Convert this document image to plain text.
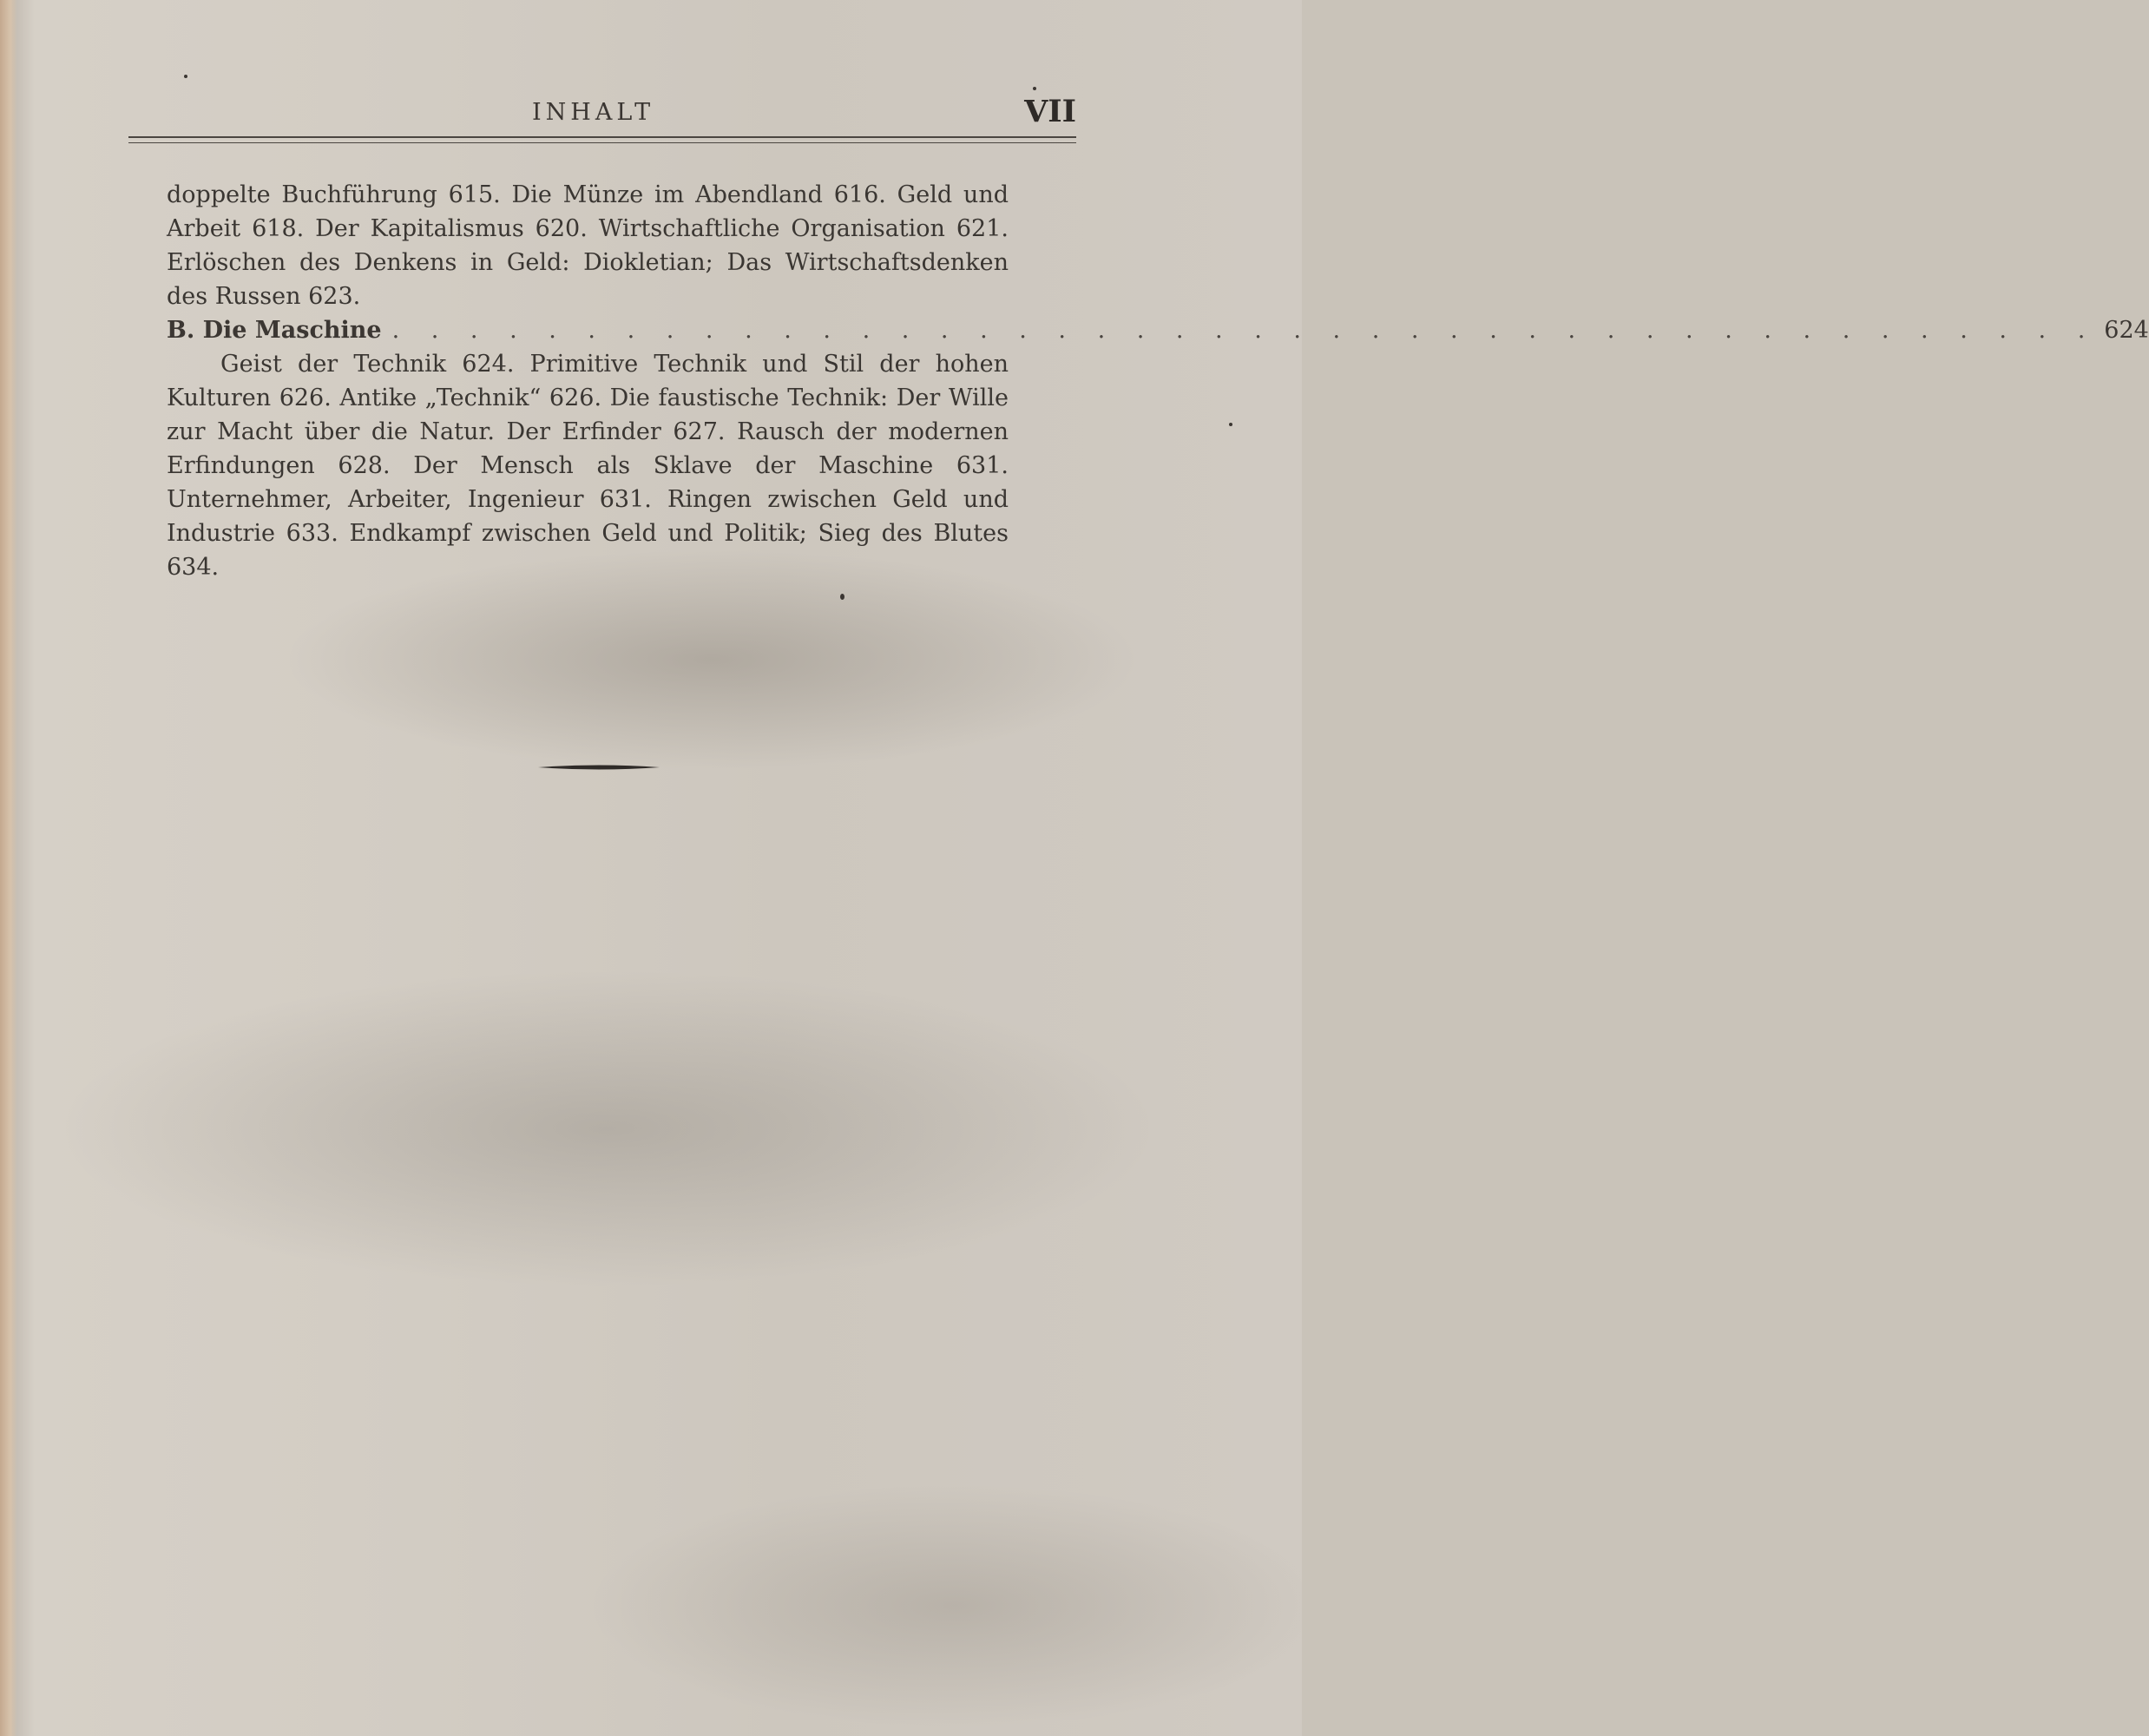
INHALT	VII

doppelte Buchführung 615. Die Münze im Abendland 616. Geld und Arbeit 618. Der Kapitalismus 620. Wirtschaftliche Organisation 621. Erlöschen des Denkens in Geld: Diokletian; Das Wirtschaftsdenken des Russen 623.

B. Die Maschine . . . . . . . . . . . . . . . . . . . . . . . . . . . . . . . . . . . . . . . . . . . . 624

Geist der Technik 624. Primitive Technik und Stil der hohen Kulturen 626. Antike „Technik“ 626. Die faustische Technik: Der Wille zur Macht über die Natur. Der Erfinder 627. Rausch der modernen Erfindungen 628. Der Mensch als Sklave der Maschine 631. Unternehmer, Arbeiter, Ingenieur 631. Ringen zwischen Geld und Industrie 633. Endkampf zwischen Geld und Politik; Sieg des Blutes 634.
